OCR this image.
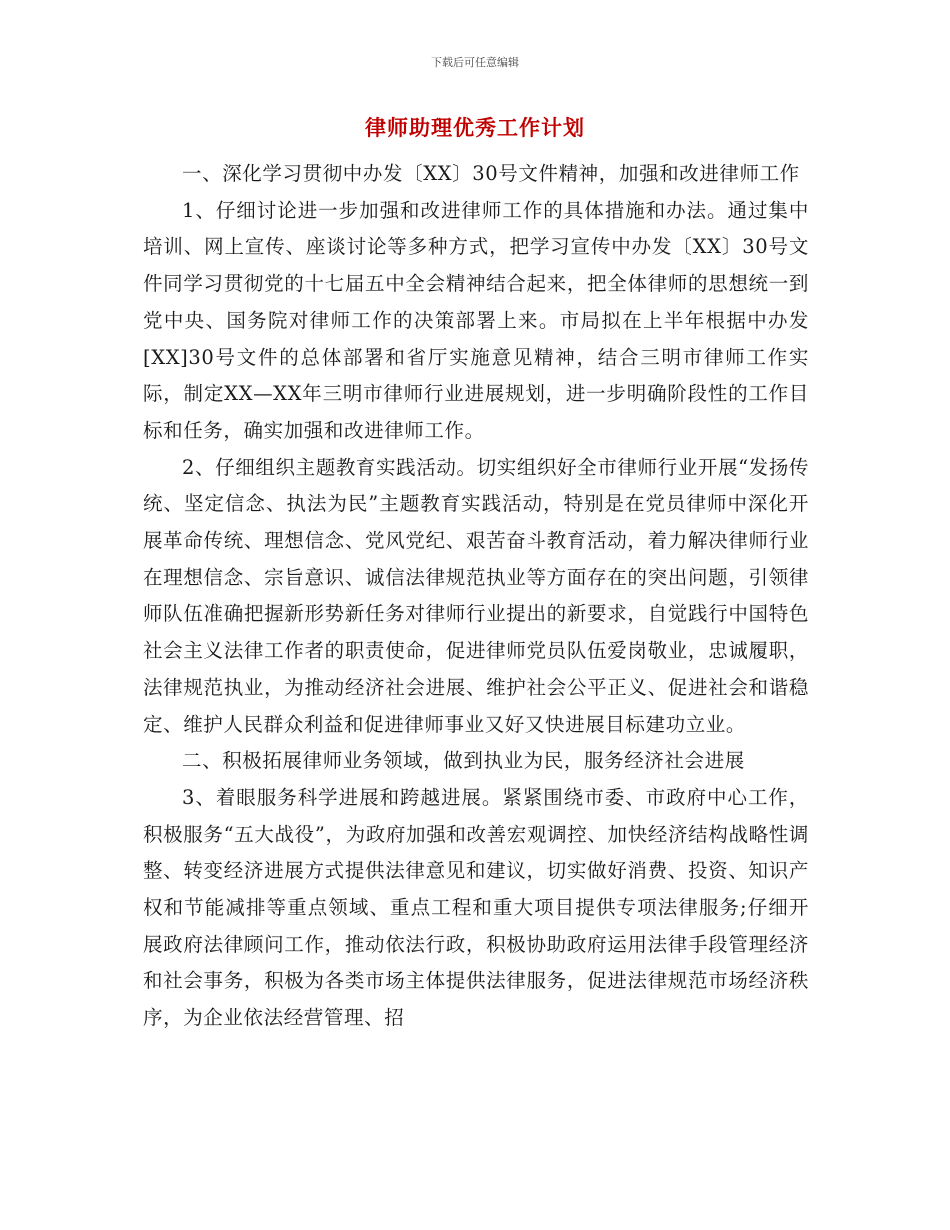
下载后可任意编辑
律师助理优秀工作计划

一、深化学习贯彻中办发〔XX〕30号文件精神，加强和改进律师工作

1、仔细讨论进一步加强和改进律师工作的具体措施和办法。通过集中培训、网上宣传、座谈讨论等多种方式，把学习宣传中办发〔XX〕30号文件同学习贯彻党的十七届五中全会精神结合起来，把全体律师的思想统一到党中央、国务院对律师工作的决策部署上来。市局拟在上半年根据中办发[XX]30号文件的总体部署和省厅实施意见精神，结合三明市律师工作实际，制定XX—XX年三明市律师行业进展规划，进一步明确阶段性的工作目标和任务，确实加强和改进律师工作。

2、仔细组织主题教育实践活动。切实组织好全市律师行业开展“发扬传统、坚定信念、执法为民”主题教育实践活动，特别是在党员律师中深化开展革命传统、理想信念、党风党纪、艰苦奋斗教育活动，着力解决律师行业在理想信念、宗旨意识、诚信法律规范执业等方面存在的突出问题，引领律师队伍准确把握新形势新任务对律师行业提出的新要求，自觉践行中国特色社会主义法律工作者的职责使命，促进律师党员队伍爱岗敬业，忠诚履职，法律规范执业，为推动经济社会进展、维护社会公平正义、促进社会和谐稳定、维护人民群众利益和促进律师事业又好又快进展目标建功立业。

二、积极拓展律师业务领域，做到执业为民，服务经济社会进展

3、着眼服务科学进展和跨越进展。紧紧围绕市委、市政府中心工作，积极服务“五大战役”，为政府加强和改善宏观调控、加快经济结构战略性调整、转变经济进展方式提供法律意见和建议，切实做好消费、投资、知识产权和节能减排等重点领域、重点工程和重大项目提供专项法律服务;仔细开展政府法律顾问工作，推动依法行政，积极协助政府运用法律手段管理经济和社会事务，积极为各类市场主体提供法律服务，促进法律规范市场经济秩序，为企业依法经营管理、招
